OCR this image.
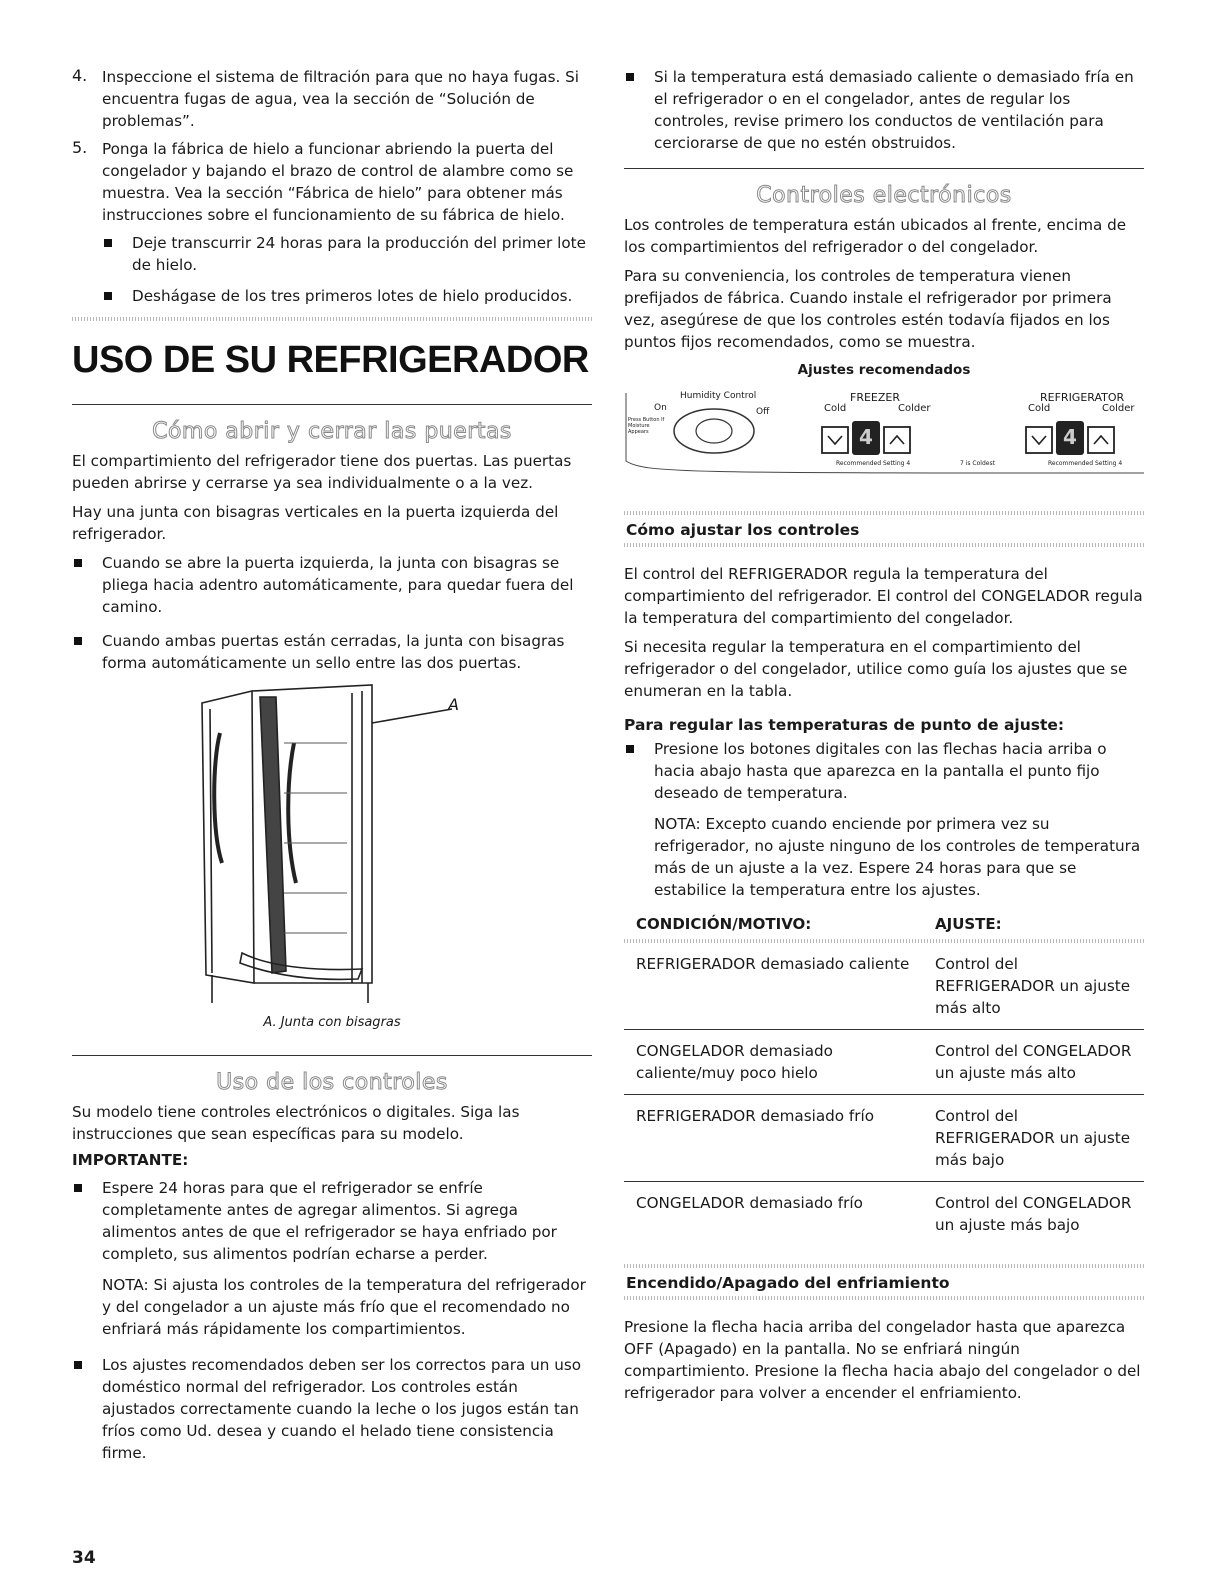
4. Inspeccione el sistema de filtración para que no haya fugas. Si encuentra fugas de agua, vea la sección de “Solución de problemas”.

5. Ponga la fábrica de hielo a funcionar abriendo la puerta del congelador y bajando el brazo de control de alambre como se muestra. Vea la sección “Fábrica de hielo” para obtener más instrucciones sobre el funcionamiento de su fábrica de hielo.

Deje transcurrir 24 horas para la producción del primer lote de hielo.
Deshágase de los tres primeros lotes de hielo producidos.
USO DE SU REFRIGERADOR
Cómo abrir y cerrar las puertas

El compartimiento del refrigerador tiene dos puertas. Las puertas pueden abrirse y cerrarse ya sea individualmente o a la vez.

Hay una junta con bisagras verticales en la puerta izquierda del refrigerador.

Cuando se abre la puerta izquierda, la junta con bisagras se pliega hacia adentro automáticamente, para quedar fuera del camino.
Cuando ambas puertas están cerradas, la junta con bisagras forma automáticamente un sello entre las dos puertas.
A
A. Junta con bisagras
Uso de los controles

Su modelo tiene controles electrónicos o digitales. Siga las instrucciones que sean específicas para su modelo.

IMPORTANTE:

Espere 24 horas para que el refrigerador se enfríe completamente antes de agregar alimentos. Si agrega alimentos antes de que el refrigerador se haya enfriado por completo, sus alimentos podrían echarse a perder.

NOTA: Si ajusta los controles de la temperatura del refrigerador y del congelador a un ajuste más frío que el recomendado no enfriará más rápidamente los compartimientos.

Los ajustes recomendados deben ser los correctos para un uso doméstico normal del refrigerador. Los controles están ajustados correctamente cuando la leche o los jugos están tan fríos como Ud. desea y cuando el helado tiene consistencia firme.
Si la temperatura está demasiado caliente o demasiado fría en el refrigerador o en el congelador, antes de regular los controles, revise primero los conductos de ventilación para cerciorarse de que no estén obstruidos.
Controles electrónicos

Los controles de temperatura están ubicados al frente, encima de los compartimientos del refrigerador o del congelador.

Para su conveniencia, los controles de temperatura vienen prefijados de fábrica. Cuando instale el refrigerador por primera vez, asegúrese de que los controles estén todavía fijados en los puntos fijos recomendados, como se muestra.

Ajustes recomendados

Humidity Control
On	Off
Press Button If Moisture Appears
FREEZER	REFRIGERATOR
Cold	Colder	Cold	Colder
4	4
Recommended Setting 4	7 is Coldest	Recommended Setting 4
Cómo ajustar los controles

El control del REFRIGERADOR regula la temperatura del compartimiento del refrigerador. El control del CONGELADOR regula la temperatura del compartimiento del congelador.

Si necesita regular la temperatura en el compartimiento del refrigerador o del congelador, utilice como guía los ajustes que se enumeran en la tabla.

Para regular las temperaturas de punto de ajuste:
Presione los botones digitales con las flechas hacia arriba o hacia abajo hasta que aparezca en la pantalla el punto fijo deseado de temperatura.

NOTA: Excepto cuando enciende por primera vez su refrigerador, no ajuste ninguno de los controles de temperatura más de un ajuste a la vez. Espere 24 horas para que se estabilice la temperatura entre los ajustes.

CONDICIÓN/MOTIVO:	AJUSTE:

REFRIGERADOR demasiado caliente	Control del REFRIGERADOR un ajuste más alto
CONGELADOR demasiado caliente/muy poco hielo	Control del CONGELADOR un ajuste más alto
REFRIGERADOR demasiado frío	Control del REFRIGERADOR un ajuste más bajo
CONGELADOR demasiado frío	Control del CONGELADOR un ajuste más bajo
Encendido/Apagado del enfriamiento

Presione la flecha hacia arriba del congelador hasta que aparezca OFF (Apagado) en la pantalla. No se enfriará ningún compartimiento. Presione la flecha hacia abajo del congelador o del refrigerador para volver a encender el enfriamiento.

34
